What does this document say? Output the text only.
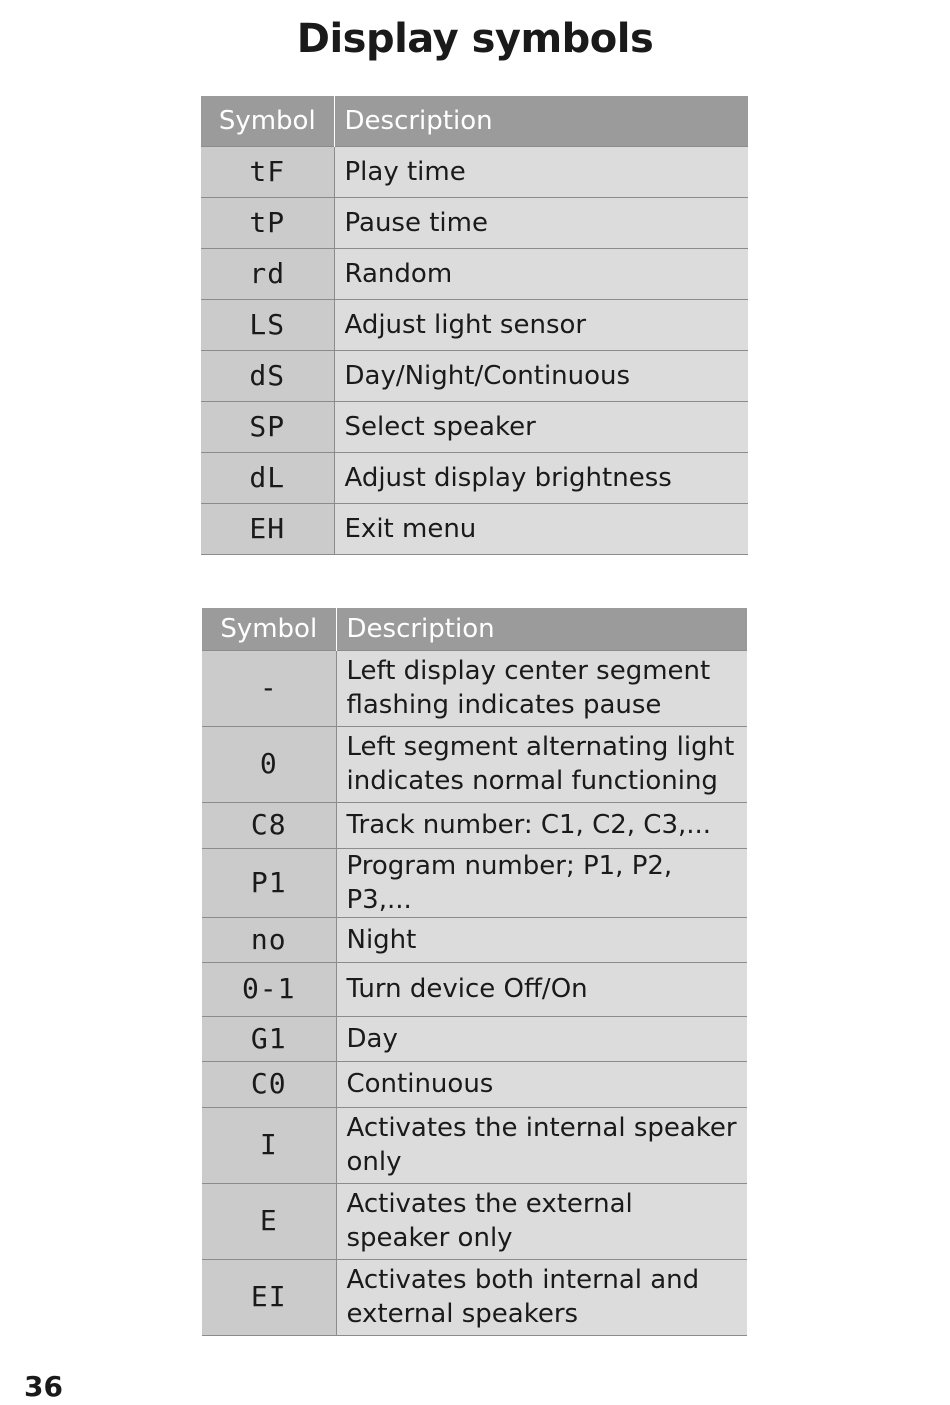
Display symbols
Symbol	Description
tF	Play time
tP	Pause time
rd	Random
LS	Adjust light sensor
dS	Day/Night/Continuous
SP	Select speaker
dL	Adjust display brightness
EH	Exit menu
Symbol	Description
-	Left display center segment flashing indicates pause
0	Left segment alternating light indicates normal functioning
C8	Track number: C1, C2, C3,...
P1	Program number; P1, P2, P3,...
no	Night
0-1	Turn device Off/On
G1	Day
C0	Continuous
I	Activates the internal speaker only
E	Activates the external speaker only
EI	Activates both internal and external speakers
36
